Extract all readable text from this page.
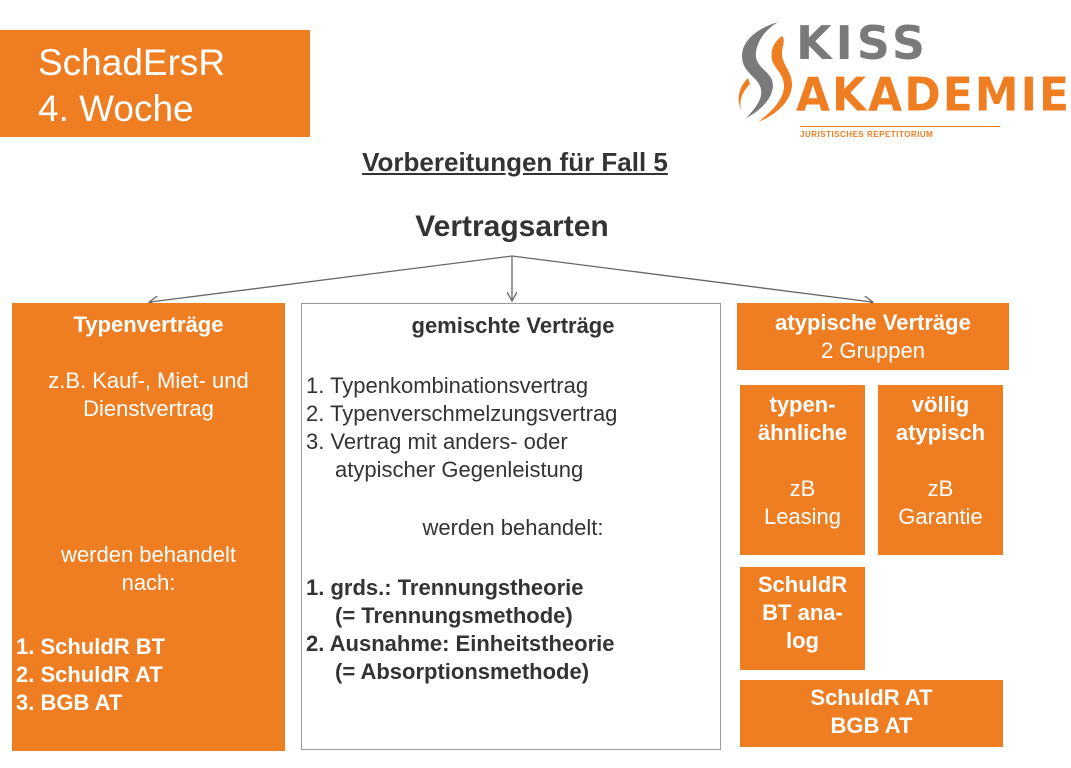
SchadErsR
4. Woche
KISS
AKADEMIE
JURISTISCHES REPETITORIUM
Vorbereitungen für Fall 5
Vertragsarten
Typenverträge
z.B. Kauf-, Miet- und
Dienstvertrag
werden behandelt
nach:
1. SchuldR BT
2. SchuldR AT
3. BGB AT
gemischte Verträge
1. Typenkombinationsvertrag
2. Typenverschmelzungsvertrag
3. Vertrag mit anders- oder
atypischer Gegenleistung
werden behandelt:
1. grds.: Trennungstheorie
(= Trennungsmethode)
2. Ausnahme: Einheitstheorie
(= Absorptionsmethode)
atypische Verträge
2 Gruppen
typen-
ähnliche
zB
Leasing
völlig
atypisch
zB
Garantie
SchuldR
BT ana-
log
SchuldR AT
BGB AT
